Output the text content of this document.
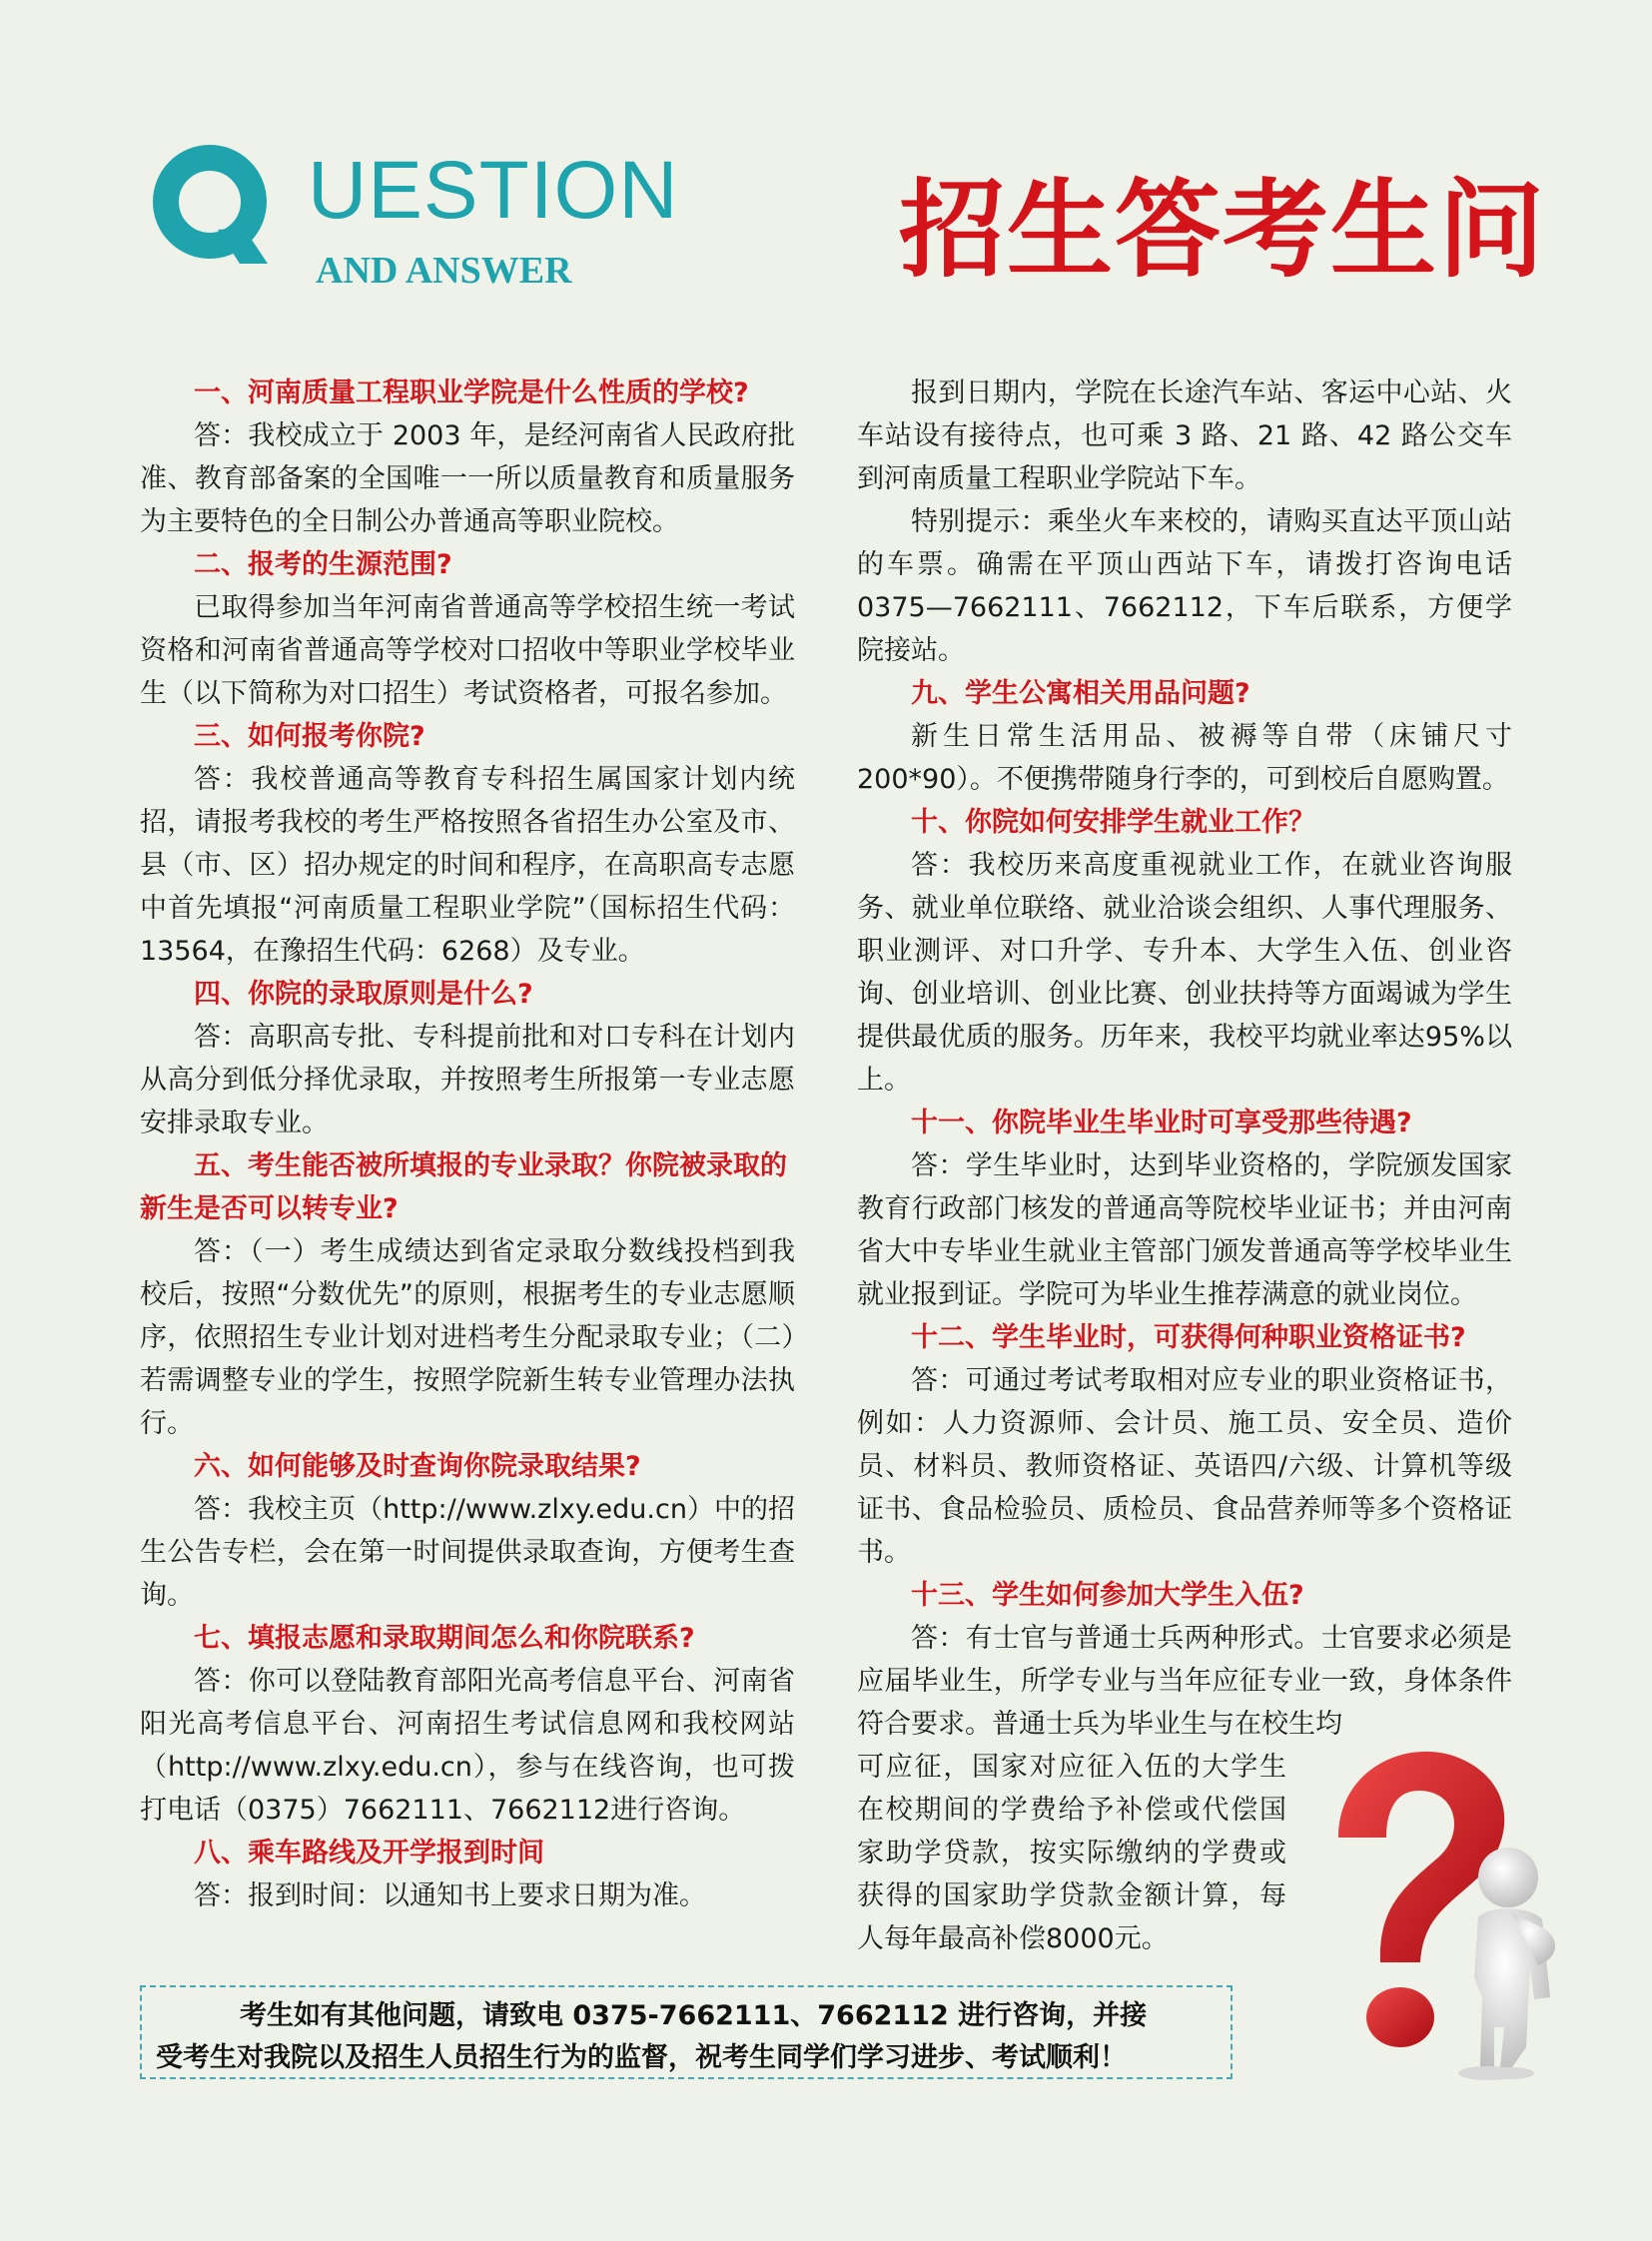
UESTION
AND ANSWER	招生答考生问

一、河南质量工程职业学院是什么性质的学校?

答：我校成立于 2003 年，是经河南省人民政府批准、教育部备案的全国唯一一所以质量教育和质量服务为主要特色的全日制公办普通高等职业院校。

二、报考的生源范围?

已取得参加当年河南省普通高等学校招生统一考试资格和河南省普通高等学校对口招收中等职业学校毕业生（以下简称为对口招生）考试资格者，可报名参加。

三、如何报考你院?

答：我校普通高等教育专科招生属国家计划内统招，请报考我校的考生严格按照各省招生办公室及市、县（市、区）招办规定的时间和程序，在高职高专志愿中首先填报“河南质量工程职业学院”（国标招生代码：13564，在豫招生代码：6268）及专业。

四、你院的录取原则是什么?

答：高职高专批、专科提前批和对口专科在计划内从高分到低分择优录取，并按照考生所报第一专业志愿安排录取专业。

五、考生能否被所填报的专业录取？你院被录取的新生是否可以转专业?

答：（一）考生成绩达到省定录取分数线投档到我校后，按照“分数优先”的原则，根据考生的专业志愿顺序，依照招生专业计划对进档考生分配录取专业；（二）若需调整专业的学生，按照学院新生转专业管理办法执行。

六、如何能够及时查询你院录取结果?

答：我校主页（http://www.zlxy.edu.cn）中的招生公告专栏，会在第一时间提供录取查询，方便考生查询。

七、填报志愿和录取期间怎么和你院联系?

答：你可以登陆教育部阳光高考信息平台、河南省阳光高考信息平台、河南招生考试信息网和我校网站（http://www.zlxy.edu.cn），参与在线咨询，也可拨打电话（0375）7662111、7662112进行咨询。

八、乘车路线及开学报到时间

答：报到时间：以通知书上要求日期为准。

报到日期内，学院在长途汽车站、客运中心站、火车站设有接待点，也可乘 3 路、21 路、42 路公交车到河南质量工程职业学院站下车。

特别提示：乘坐火车来校的，请购买直达平顶山站的车票。确需在平顶山西站下车，请拨打咨询电话 0375—7662111、7662112，下车后联系，方便学院接站。

九、学生公寓相关用品问题?

新生日常生活用品、被褥等自带（床铺尺寸200*90）。不便携带随身行李的，可到校后自愿购置。

十、你院如何安排学生就业工作？

答：我校历来高度重视就业工作，在就业咨询服务、就业单位联络、就业洽谈会组织、人事代理服务、职业测评、对口升学、专升本、大学生入伍、创业咨询、创业培训、创业比赛、创业扶持等方面竭诚为学生提供最优质的服务。历年来，我校平均就业率达95%以上。

十一、你院毕业生毕业时可享受那些待遇?

答：学生毕业时，达到毕业资格的，学院颁发国家教育行政部门核发的普通高等院校毕业证书；并由河南省大中专毕业生就业主管部门颁发普通高等学校毕业生就业报到证。学院可为毕业生推荐满意的就业岗位。

十二、学生毕业时，可获得何种职业资格证书?

答：可通过考试考取相对应专业的职业资格证书，例如：人力资源师、会计员、施工员、安全员、造价员、材料员、教师资格证、英语四/六级、计算机等级证书、食品检验员、质检员、食品营养师等多个资格证书。

十三、学生如何参加大学生入伍?

答：有士官与普通士兵两种形式。士官要求必须是应届毕业生，所学专业与当年应征专业一致，身体条件符合要求。普通士兵为毕业生与在校生均

可应征，国家对应征入伍的大学生在校期间的学费给予补偿或代偿国家助学贷款，按实际缴纳的学费或获得的国家助学贷款金额计算，每人每年最高补偿8000元。

考生如有其他问题，请致电 0375-7662111、7662112 进行咨询，并接

受考生对我院以及招生人员招生行为的监督，祝考生同学们学习进步、考试顺利！
